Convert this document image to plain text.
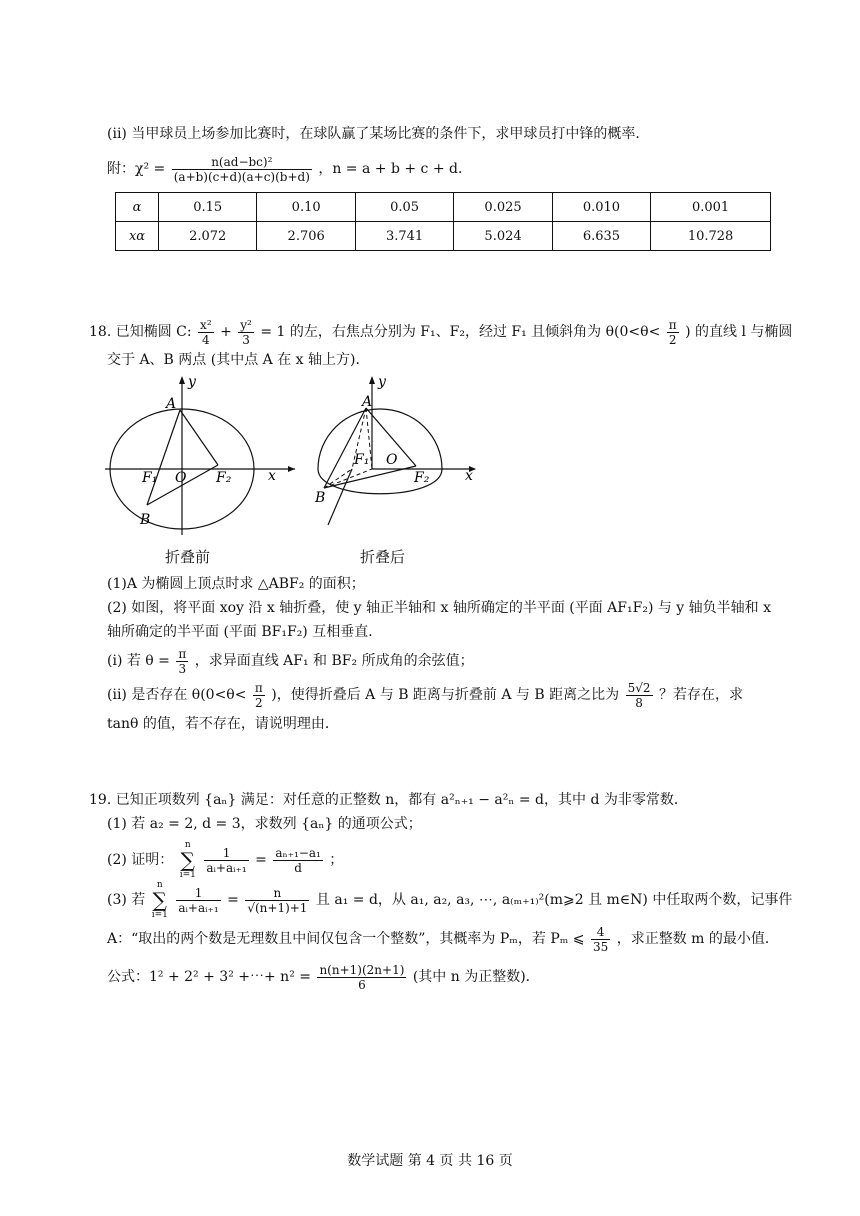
(ii) 当甲球员上场参加比赛时，在球队赢了某场比赛的条件下，求甲球员打中锋的概率．
附：$\chi^2 = \frac{\text{n(ad−bc)²}}{(a+b)(c+d)(a+c)(b+d)}$ ，n = a + b + c + d．
α	0.15	0.10	0.05	0.025	0.010	0.001
xα	2.072	2.706	3.741	5.024	6.635	10.728
18. 已知椭圆 C: $\frac{\text{x²}}{4} + \frac{\text{y²}}{3} = 1$ 的左，右焦点分别为 F₁、F₂，经过 F₁ 且倾斜角为 $\theta(0<\theta< \frac{\pi}{2}$ ) 的直线 l 与椭圆
交于 A、B 两点 (其中点 A 在 x 轴上方)．
y
x
A
B
O
F₁	F₂
折叠前
y
x
A
B
O
F₁
F₂
折叠后
(1)A 为椭圆上顶点时求 △ABF₂ 的面积；
(2) 如图，将平面 xoy 沿 x 轴折叠，使 y 轴正半轴和 x 轴所确定的半平面 (平面 AF₁F₂) 与 y 轴负半轴和 x
轴所确定的半平面 (平面 BF₁F₂) 互相垂直．
(i) 若 $\theta = \frac{\pi}{3}$ ，求异面直线 AF₁ 和 BF₂ 所成角的余弦值；
(ii) 是否存在 $\theta(0<\theta< \frac{\pi}{2}$ )，使得折叠后 A 与 B 距离与折叠前 A 与 B 距离之比为 $\frac{5√2}{8}$ ？若存在，求
tanθ 的值，若不存在，请说明理由．
19. 已知正项数列 {aₙ} 满足：对任意的正整数 n，都有 a²ₙ₊₁ − a²ₙ = d，其中 d 为非零常数．
(1) 若 a₂ = 2, d = 3，求数列 {aₙ} 的通项公式；
(2) 证明：
n
∑
i=1

$\frac{1}{\text{aᵢ+aᵢ₊₁}} = \frac{\text{aₙ₊₁−a₁}}{d}$ ；
(3) 若
n
∑
i=1

$\frac{1}{\text{aᵢ+aᵢ₊₁}} = \frac{n}{√(n+1)+1}$ 且 a₁ = d，从 a₁, a₂, a₃, ⋯, a₍ₘ₊₁₎²(m⩾2 且 m∈N) 中任取两个数，记事件
A：“取出的两个数是无理数且中间仅包含一个整数”，其概率为 Pₘ，若 Pₘ ⩽ $\frac{4}{35}$ ，求正整数 m 的最小值．
公式：1² + 2² + 3² +⋯+ $n^2 = \frac{n(n+1)(2n+1)}{6}$ (其中 n 为正整数)．
数学试题 第 4 页 共 16 页
